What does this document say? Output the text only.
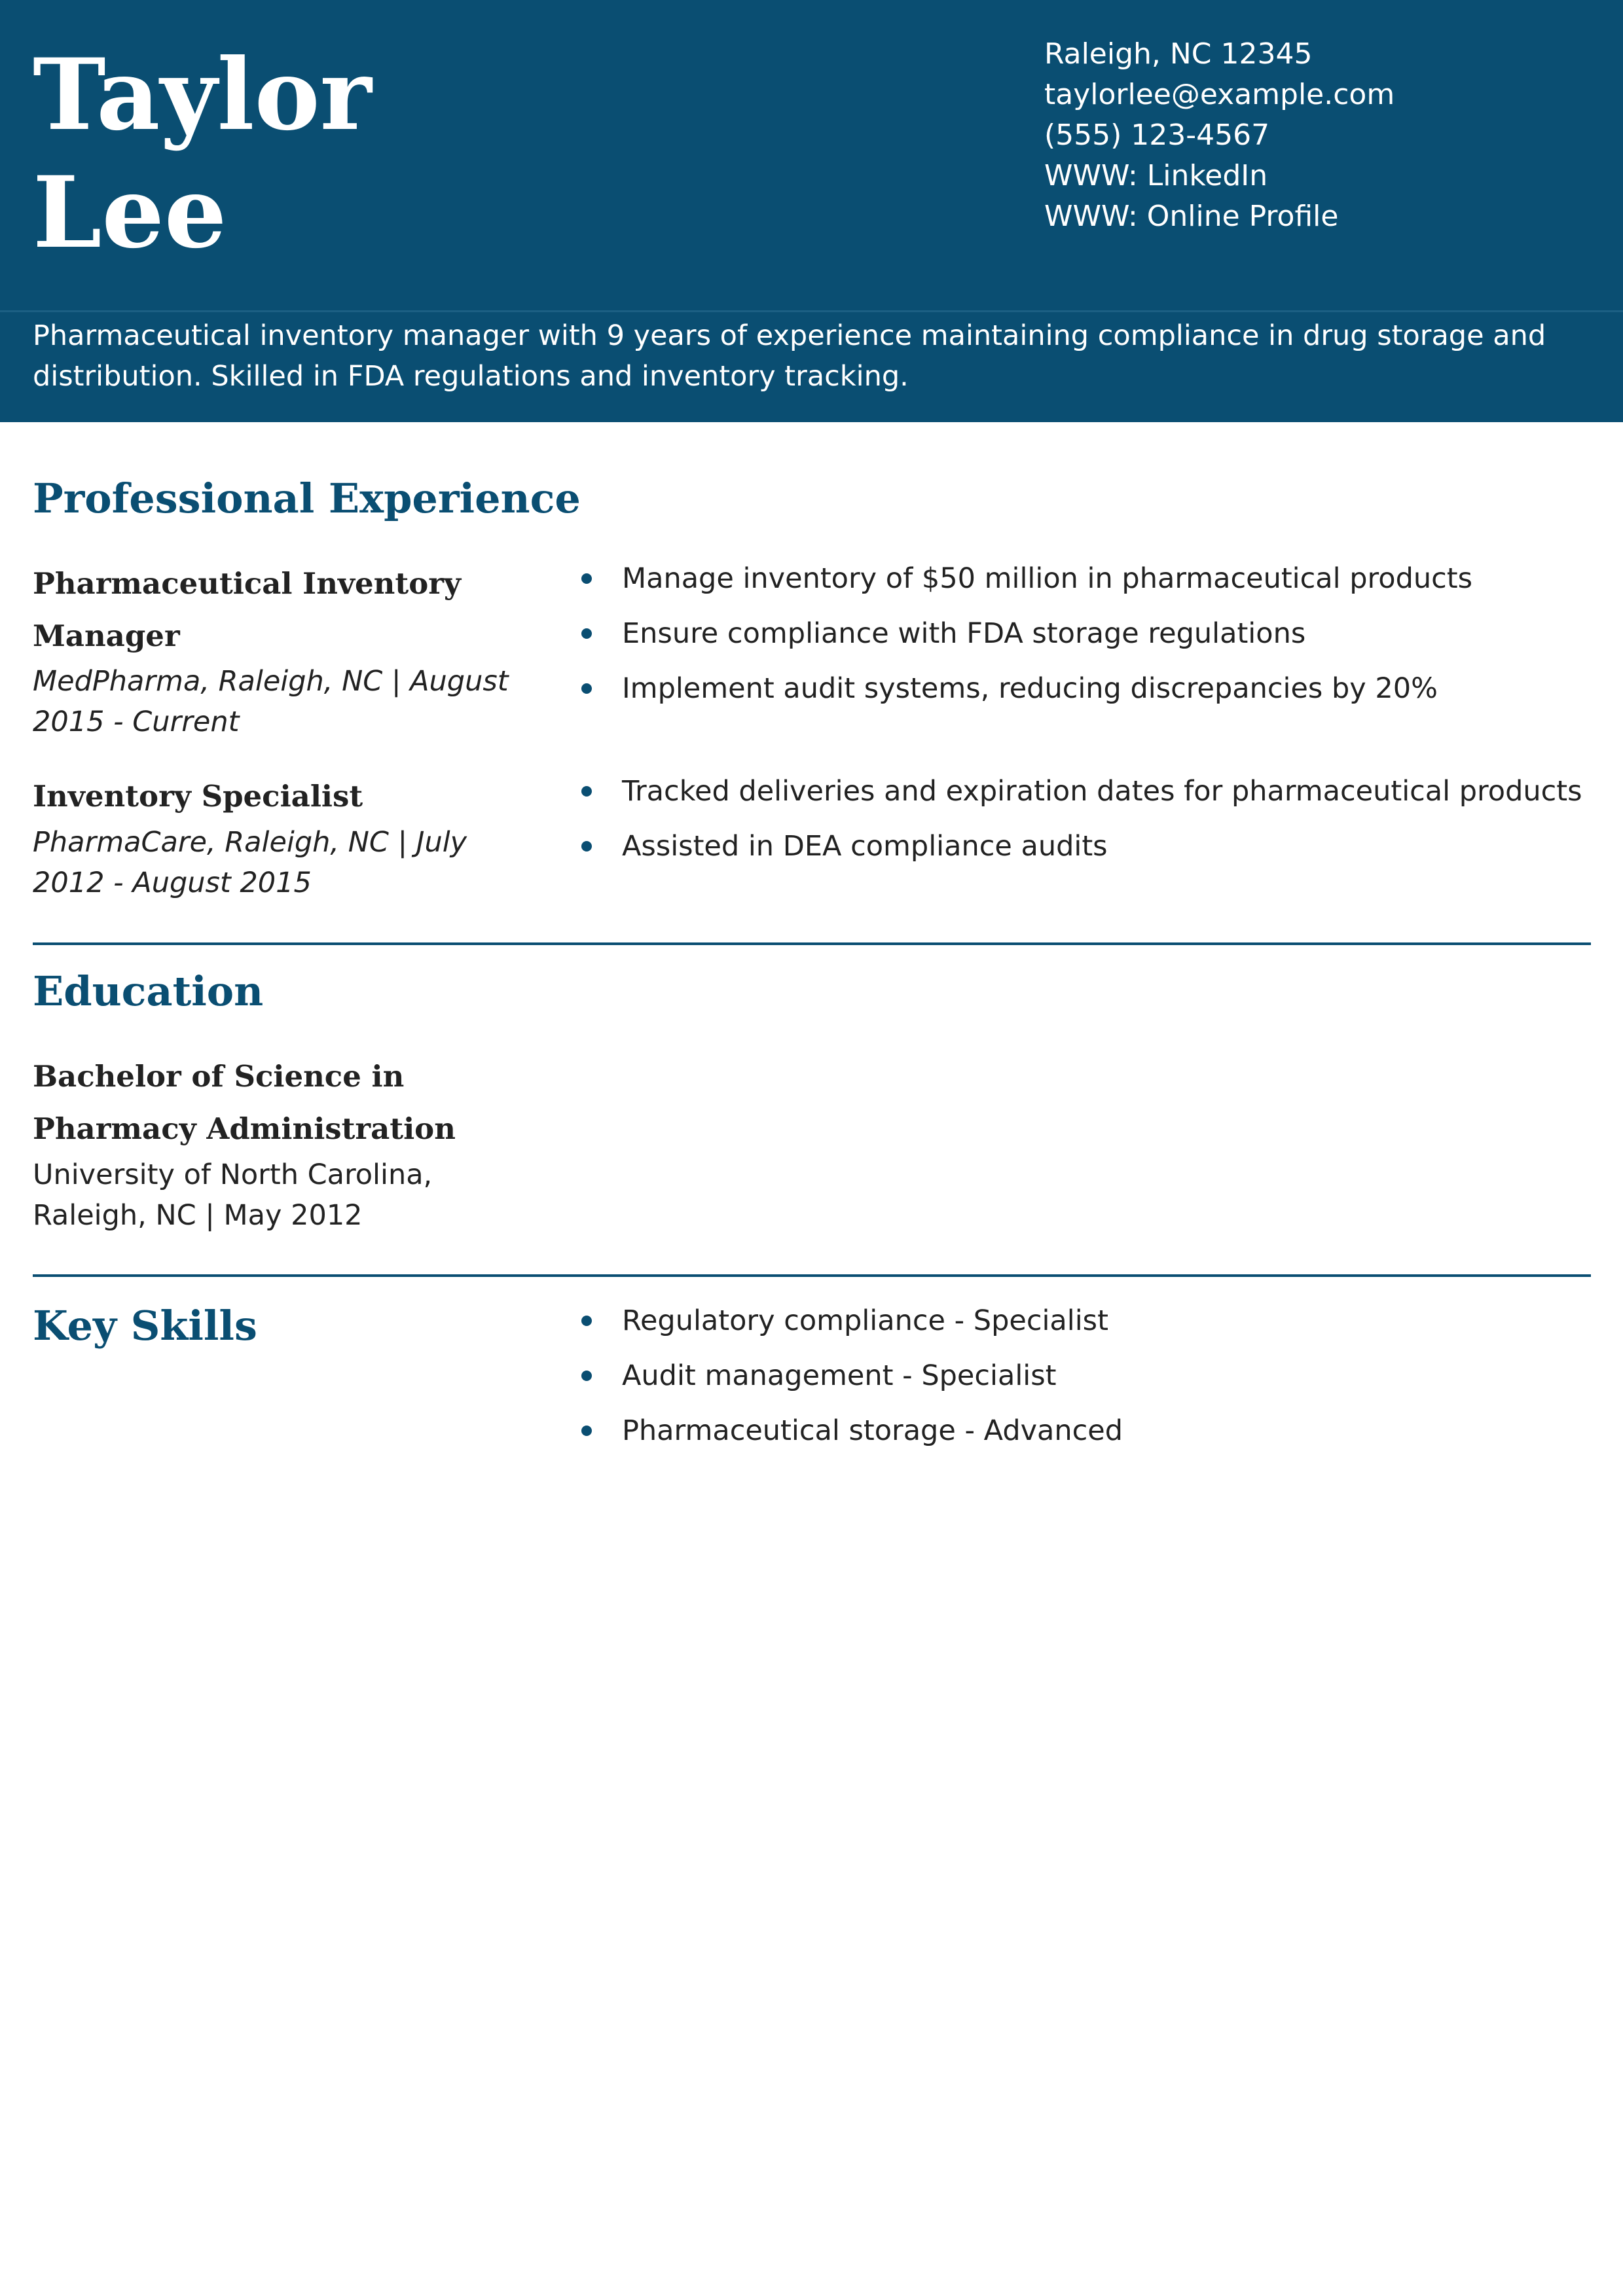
Taylor
Lee
Raleigh, NC 12345
taylorlee@example.com
(555) 123-4567
WWW: LinkedIn
WWW: Online Profile
Pharmaceutical inventory manager with 9 years of experience maintaining compliance in drug storage and distribution. Skilled in FDA regulations and inventory tracking.
Professional Experience
Pharmaceutical Inventory Manager
MedPharma, Raleigh, NC | August 2015 - Current
Manage inventory of $50 million in pharmaceutical products
Ensure compliance with FDA storage regulations
Implement audit systems, reducing discrepancies by 20%
Inventory Specialist
PharmaCare, Raleigh, NC | July 2012 - August 2015
Tracked deliveries and expiration dates for pharmaceutical products
Assisted in DEA compliance audits
Education
Bachelor of Science in Pharmacy Administration
University of North Carolina, Raleigh, NC | May 2012
Key Skills	Regulatory compliance - Specialist
Audit management - Specialist
Pharmaceutical storage - Advanced
